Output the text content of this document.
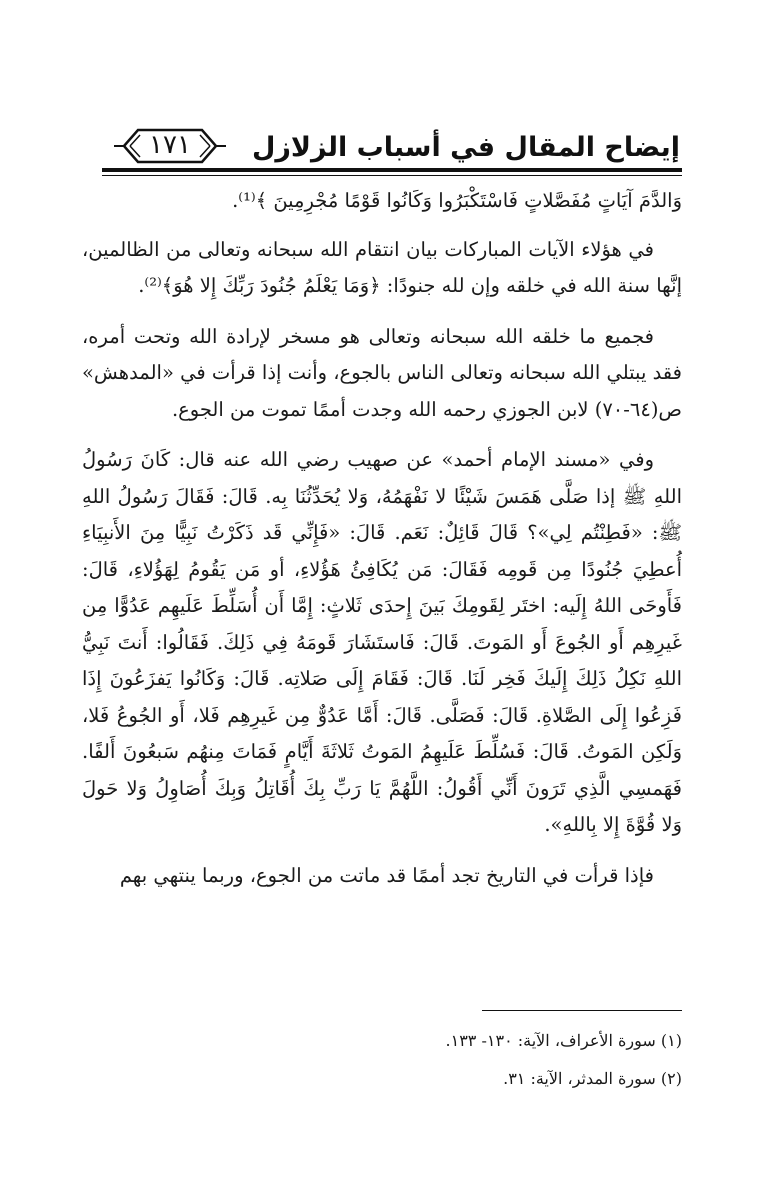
إيضاح المقال في أسباب الزلازل
١٧١

وَالدَّمَ آيَاتٍ مُفَصَّلاتٍ فَاسْتَكْبَرُوا وَكَانُوا قَوْمًا مُجْرِمِينَ ﴾⁽¹⁾.

في هؤلاء الآيات المباركات بيان انتقام الله سبحانه وتعالى من الظالمين، إنَّها سنة الله في خلقه وإن لله جنودًا: ﴿وَمَا يَعْلَمُ جُنُودَ رَبِّكَ إِلا هُوَ﴾⁽²⁾.

فجميع ما خلقه الله سبحانه وتعالى هو مسخر لإرادة الله وتحت أمره، فقد يبتلي الله سبحانه وتعالى الناس بالجوع، وأنت إذا قرأت في «المدهش» ص(٦٤-٧٠) لابن الجوزي رحمه الله وجدت أممًا تموت من الجوع.

وفي «مسند الإمام أحمد» عن صهيب رضي الله عنه قال: كَانَ رَسُولُ اللهِ ﷺ إذا صَلَّى هَمَسَ شَيْئًا لا نَفْهَمُهُ، وَلا يُحَدِّثُنَا بِه. قَالَ: فَقَالَ رَسُولُ اللهِ ﷺ: «فَطِنْتُم لِي»؟ قَالَ قَائِلٌ: نَعَم. قَالَ: «فَإِنِّي قَد ذَكَرْتُ نَبِيًّا مِنَ الأَنبِيَاءِ أُعطِيَ جُنُودًا مِن قَومِه فَقَالَ: مَن يُكَافِئُ هَؤُلاءِ، أو مَن يَقُومُ لِهَؤُلاءِ، قَالَ: فَأَوحَى اللهُ إِلَيه: اختَر لِقَومِكَ بَينَ إِحدَى ثَلاثٍ: إِمَّا أَن أُسَلِّطَ عَلَيهِم عَدُوًّا مِن غَيرِهِم أَو الجُوعَ أَو المَوتَ. قَالَ: فَاستَشَارَ قَومَهُ فِي ذَلِكَ. فَقَالُوا: أَنتَ نَبِيُّ اللهِ نَكِلُ ذَلِكَ إِلَيكَ فَخِر لَنَا. قَالَ: فَقَامَ إِلَى صَلاتِه. قَالَ: وَكَانُوا يَفزَعُونَ إِذَا فَزِعُوا إِلَى الصَّلاةِ. قَالَ: فَصَلَّى. قَالَ: أَمَّا عَدُوٌّ مِن غَيرِهِم فَلا، أَو الجُوعُ فَلا، وَلَكِن المَوتُ. قَالَ: فَسُلِّطَ عَلَيهِمُ المَوتُ ثَلاثَةَ أَيَّامٍ فَمَاتَ مِنهُم سَبعُونَ أَلفًا. فَهَمسِي الَّذِي تَرَونَ أَنِّي أَقُولُ: اللَّهُمَّ يَا رَبِّ بِكَ أُقَاتِلُ وَبِكَ أُصَاوِلُ وَلا حَولَ وَلا قُوَّةَ إِلا بِاللهِ».

فإذا قرأت في التاريخ تجد أممًا قد ماتت من الجوع، وربما ينتهي بهم

(١) سورة الأعراف، الآية: ١٣٠- ١٣٣.
(٢) سورة المدثر، الآية: ٣١.
